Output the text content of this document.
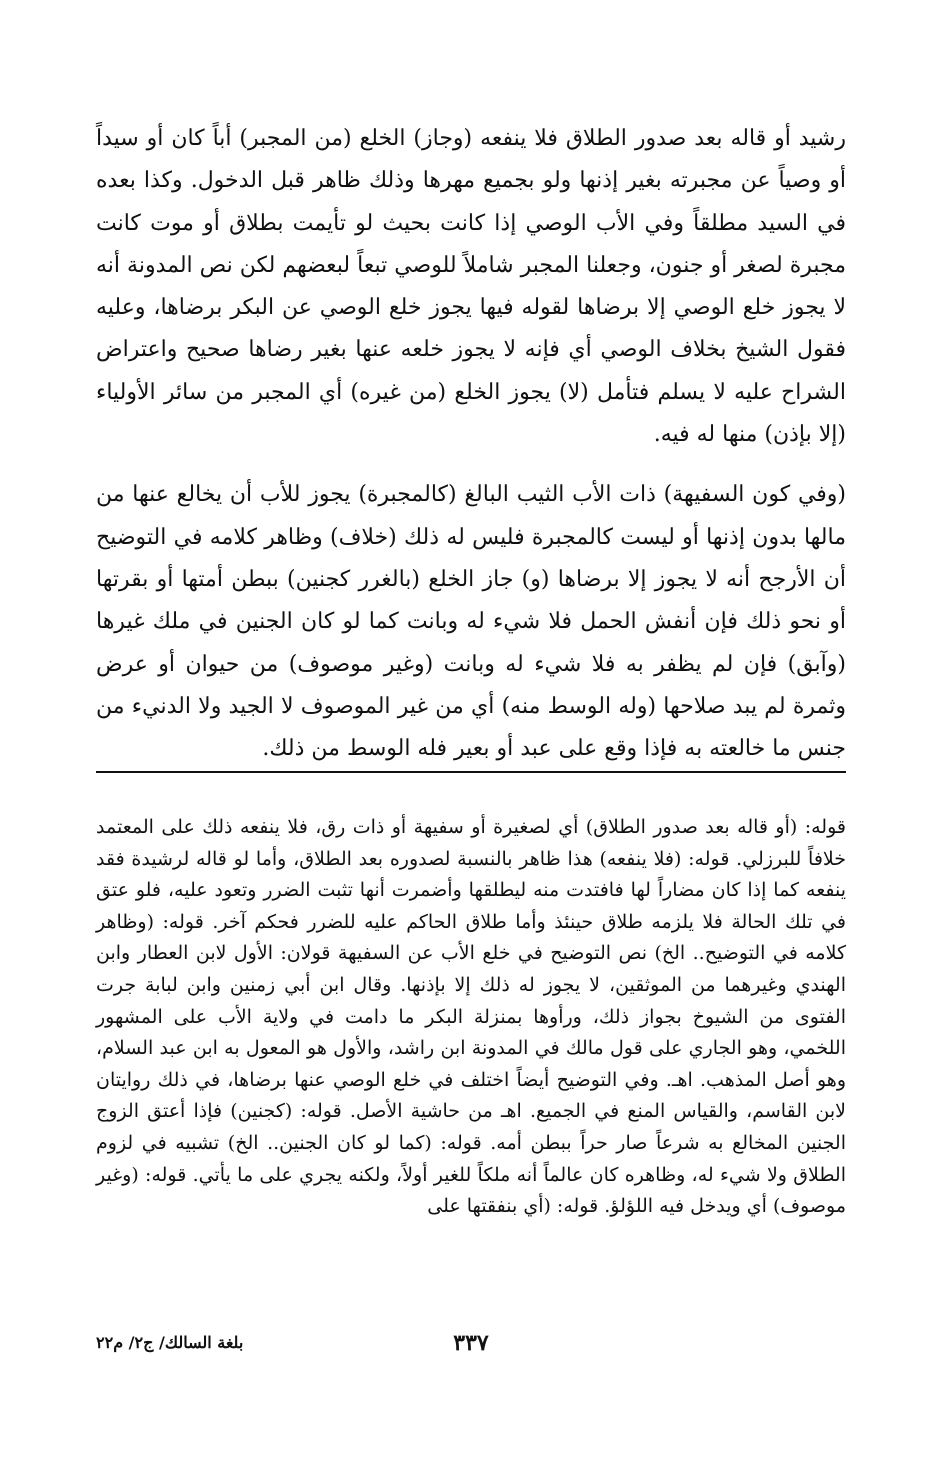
رشيد أو قاله بعد صدور الطلاق فلا ينفعه (وجاز) الخلع (من المجبر) أباً كان أو سيداً أو وصياً عن مجبرته بغير إذنها ولو بجميع مهرها وذلك ظاهر قبل الدخول. وكذا بعده في السيد مطلقاً وفي الأب الوصي إذا كانت بحيث لو تأيمت بطلاق أو موت كانت مجبرة لصغر أو جنون، وجعلنا المجبر شاملاً للوصي تبعاً لبعضهم لكن نص المدونة أنه لا يجوز خلع الوصي إلا برضاها لقوله فيها يجوز خلع الوصي عن البكر برضاها، وعليه فقول الشيخ بخلاف الوصي أي فإنه لا يجوز خلعه عنها بغير رضاها صحيح واعتراض الشراح عليه لا يسلم فتأمل (لا) يجوز الخلع (من غيره) أي المجبر من سائر الأولياء (إلا بإذن) منها له فيه.

(وفي كون السفيهة) ذات الأب الثيب البالغ (كالمجبرة) يجوز للأب أن يخالع عنها من مالها بدون إذنها أو ليست كالمجبرة فليس له ذلك (خلاف) وظاهر كلامه في التوضيح أن الأرجح أنه لا يجوز إلا برضاها (و) جاز الخلع (بالغرر كجنين) ببطن أمتها أو بقرتها أو نحو ذلك فإن أنفش الحمل فلا شيء له وبانت كما لو كان الجنين في ملك غيرها (وآبق) فإن لم يظفر به فلا شيء له وبانت (وغير موصوف) من حيوان أو عرض وثمرة لم يبد صلاحها (وله الوسط منه) أي من غير الموصوف لا الجيد ولا الدنيء من جنس ما خالعته به فإذا وقع على عبد أو بعير فله الوسط من ذلك.

قوله: (أو قاله بعد صدور الطلاق) أي لصغيرة أو سفيهة أو ذات رق، فلا ينفعه ذلك على المعتمد خلافاً للبرزلي. قوله: (فلا ينفعه) هذا ظاهر بالنسبة لصدوره بعد الطلاق، وأما لو قاله لرشيدة فقد ينفعه كما إذا كان مضاراً لها فافتدت منه ليطلقها وأضمرت أنها تثبت الضرر وتعود عليه، فلو عتق في تلك الحالة فلا يلزمه طلاق حينئذ وأما طلاق الحاكم عليه للضرر فحكم آخر. قوله: (وظاهر كلامه في التوضيح.. الخ) نص التوضيح في خلع الأب عن السفيهة قولان: الأول لابن العطار وابن الهندي وغيرهما من الموثقين، لا يجوز له ذلك إلا بإذنها. وقال ابن أبي زمنين وابن لبابة جرت الفتوى من الشيوخ بجواز ذلك، ورأوها بمنزلة البكر ما دامت في ولاية الأب على المشهور اللخمي، وهو الجاري على قول مالك في المدونة ابن راشد، والأول هو المعول به ابن عبد السلام، وهو أصل المذهب. اهـ. وفي التوضيح أيضاً اختلف في خلع الوصي عنها برضاها، في ذلك روايتان لابن القاسم، والقياس المنع في الجميع. اهـ من حاشية الأصل. قوله: (كجنين) فإذا أعتق الزوج الجنين المخالع به شرعاً صار حراً ببطن أمه. قوله: (كما لو كان الجنين.. الخ) تشبيه في لزوم الطلاق ولا شيء له، وظاهره كان عالماً أنه ملكاً للغير أولاً، ولكنه يجري على ما يأتي. قوله: (وغير موصوف) أي ويدخل فيه اللؤلؤ. قوله: (أي بنفقتها على

بلغة السالك/ ج٢/ م٢٢	٣٣٧
